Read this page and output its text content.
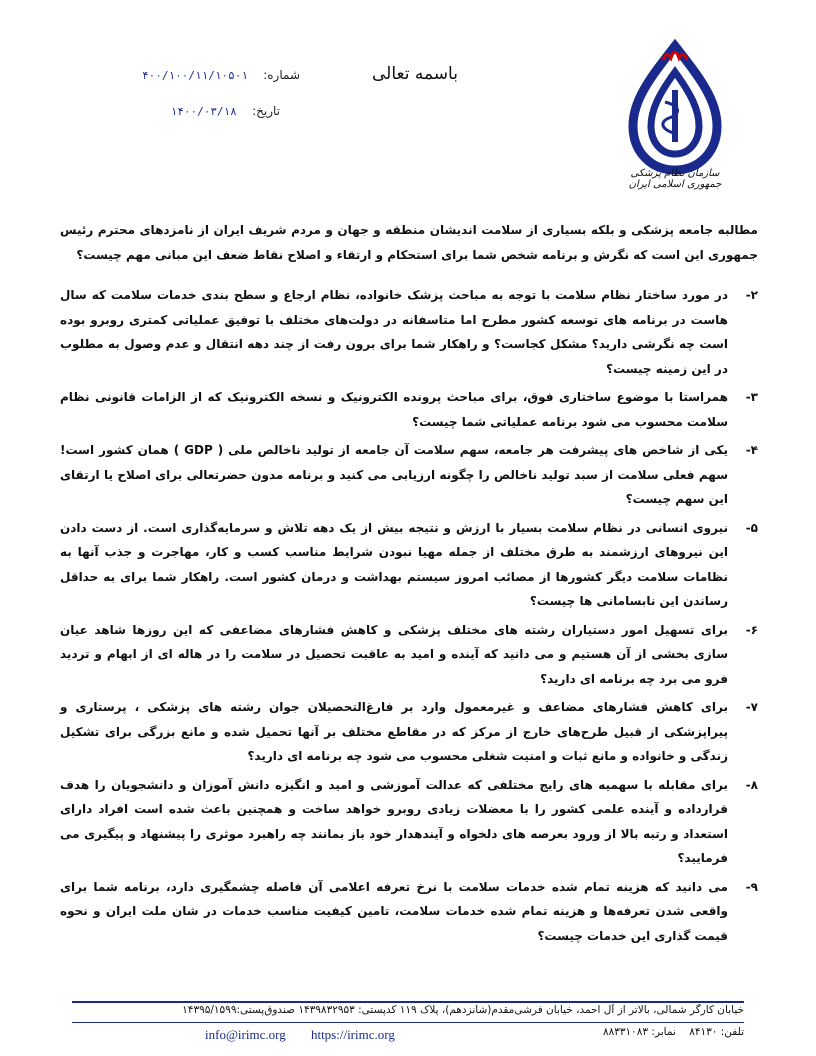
باسمه تعالی
شماره:    ۴۰۰/۱۰۰/۱۱/۱۰۵۰۱
تاریخ:    ۱۴۰۰/۰۳/۱۸
سازمان نظام پزشکی جمهوری اسلامی ایران

مطالبه جامعه پزشکی و بلکه بسیاری از سلامت اندیشان منطقه و جهان و مردم شریف ایران از نامزدهای محترم رئیس جمهوری این است که نگرش و برنامه شخص شما برای استحکام و ارتقاء و اصلاح نقاط ضعف این مبانی مهم چیست؟

۲-
در مورد ساختار نظام سلامت با توجه به مباحث پزشک خانواده، نظام ارجاع و سطح بندی خدمات سلامت که سال هاست در برنامه های توسعه کشور مطرح اما متاسفانه در دولت‌های مختلف با توفیق عملیاتی کمتری روبرو بوده است چه نگرشی دارید؟ مشکل کجاست؟ و راهکار شما برای برون رفت از چند دهه انتقال و عدم وصول به مطلوب در این زمینه چیست؟
۳-
همراستا با موضوع ساختاری فوق، برای مباحث پرونده الکترونیک و نسخه الکترونیک که از الزامات قانونی نظام سلامت محسوب می شود برنامه عملیاتی شما چیست؟
۴-
یکی از شاخص های پیشرفت هر جامعه، سهم سلامت آن جامعه از تولید ناخالص ملی ( GDP ) همان کشور است! سهم فعلی سلامت از سبد تولید ناخالص را چگونه ارزیابی می کنید و برنامه مدون حضرتعالی برای اصلاح یا ارتقای این سهم چیست؟
۵-
نیروی انسانی در نظام سلامت بسیار با ارزش و نتیجه بیش از یک دهه تلاش و سرمایه‌گذاری است. از دست دادن این نیروهای ارزشمند به طرق مختلف از جمله مهیا نبودن شرایط مناسب کسب و کار، مهاجرت و جذب آنها به نظامات سلامت دیگر کشورها از مصائب امروز سیستم بهداشت و درمان کشور است. راهکار شما برای به حداقل رساندن این نابسامانی ها چیست؟
۶-
برای تسهیل امور دستیاران رشته های مختلف پزشکی و کاهش فشارهای مضاعفی که این روزها شاهد عیان سازی بخشی از آن هستیم و می دانید که آینده و امید به عاقبت تحصیل در سلامت را در هاله ای از ابهام و تردید فرو می برد چه برنامه ای دارید؟
۷-
برای کاهش فشارهای مضاعف و غیرمعمول وارد بر فارغ‌التحصیلان جوان رشته های پزشکی ، پرستاری و پیراپزشکی از قبیل طرح‌های خارج از مرکز که در مقاطع مختلف بر آنها تحمیل شده و مانع بزرگی برای تشکیل زندگی و خانواده و مانع ثبات و امنیت شغلی محسوب می شود چه برنامه ای دارید؟
۸-
برای مقابله با سهمیه های رایج مختلفی که عدالت آموزشی و امید و انگیزه دانش آموزان و دانشجویان را هدف قرارداده و آینده علمی کشور را با معضلات زیادی روبرو خواهد ساخت و همچنین باعث شده است افراد دارای استعداد و رتبه بالا از ورود بعرصه های دلخواه و آیندهدار خود باز بمانند چه راهبرد موثری را پیشنهاد و پیگیری می فرمایید؟
۹-
می دانید که هزینه تمام شده خدمات سلامت با نرخ تعرفه اعلامی آن فاصله چشمگیری دارد، برنامه شما برای واقعی شدن تعرفه‌ها و هزینه تمام شده خدمات سلامت، تامین کیفیت مناسب خدمات در شان ملت ایران و نحوه قیمت گذاری این خدمات چیست؟
خیابان کارگر شمالی، بالاتر از آل احمد، خیابان فرشی‌مقدم(شانزدهم)، پلاک ۱۱۹ کدپستی: ۱۴۳۹۸۳۲۹۵۳ صندوق‌پستی:۱۴۳۹۵/۱۵۹۹
تلفن: ۸۴۱۳۰    نمابر: ۸۸۳۳۱۰۸۳
info@irimc.org https://irimc.org
